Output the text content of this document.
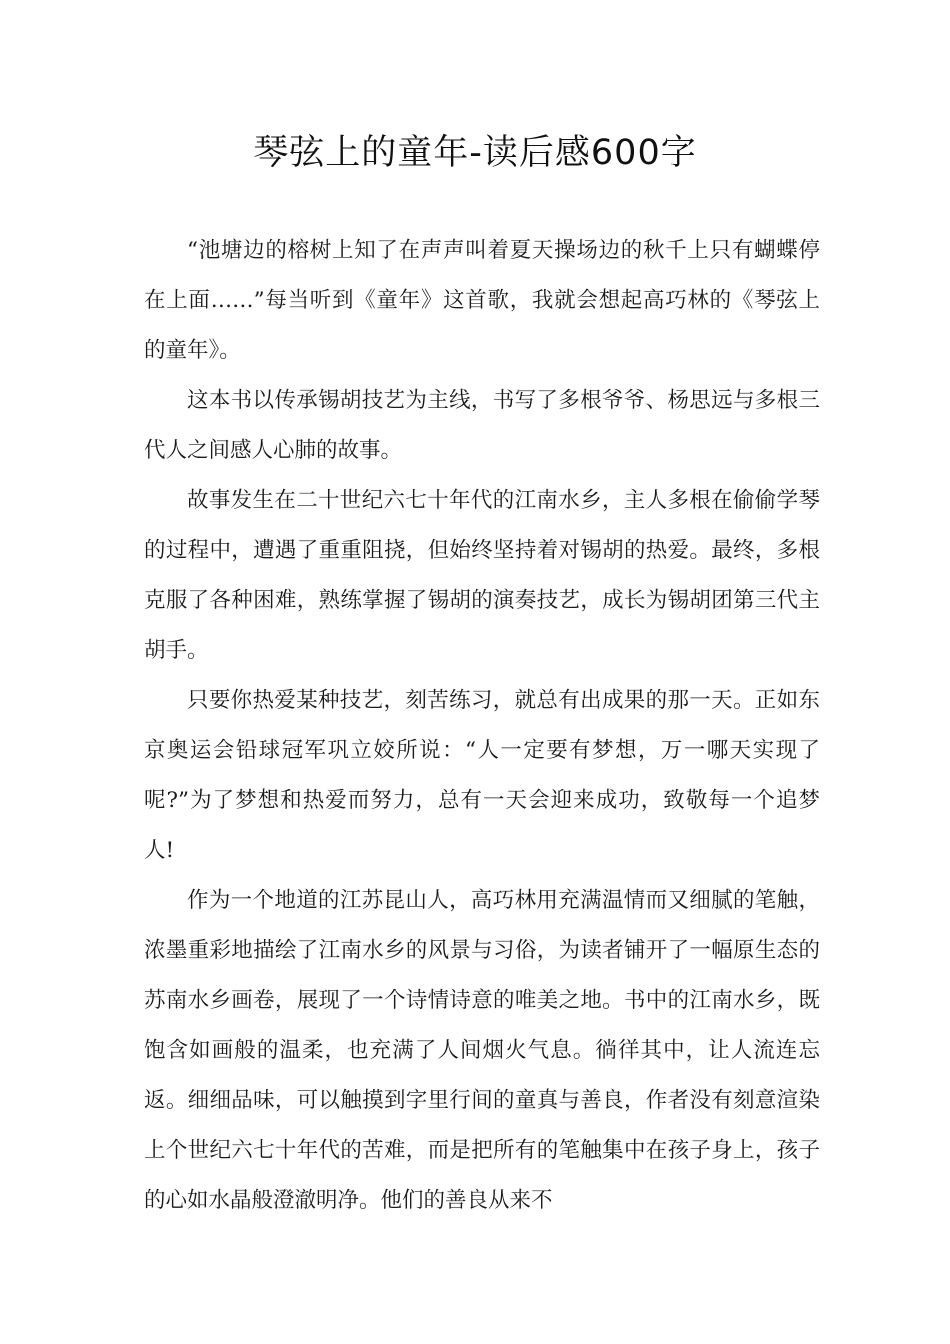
琴弦上的童年-读后感600字

“池塘边的榕树上知了在声声叫着夏天操场边的秋千上只有蝴蝶停在上面……”每当听到《童年》这首歌，我就会想起高巧林的《琴弦上的童年》。

这本书以传承锡胡技艺为主线，书写了多根爷爷、杨思远与多根三代人之间感人心肺的故事。

故事发生在二十世纪六七十年代的江南水乡，主人多根在偷偷学琴的过程中，遭遇了重重阻挠，但始终坚持着对锡胡的热爱。最终，多根克服了各种困难，熟练掌握了锡胡的演奏技艺，成长为锡胡团第三代主胡手。

只要你热爱某种技艺，刻苦练习，就总有出成果的那一天。正如东京奥运会铅球冠军巩立姣所说：“人一定要有梦想，万一哪天实现了呢?”为了梦想和热爱而努力，总有一天会迎来成功，致敬每一个追梦人!

作为一个地道的江苏昆山人，高巧林用充满温情而又细腻的笔触，浓墨重彩地描绘了江南水乡的风景与习俗，为读者铺开了一幅原生态的苏南水乡画卷，展现了一个诗情诗意的唯美之地。书中的江南水乡，既饱含如画般的温柔，也充满了人间烟火气息。徜徉其中，让人流连忘返。细细品味，可以触摸到字里行间的童真与善良，作者没有刻意渲染上个世纪六七十年代的苦难，而是把所有的笔触集中在孩子身上，孩子的心如水晶般澄澈明净。他们的善良从来不
